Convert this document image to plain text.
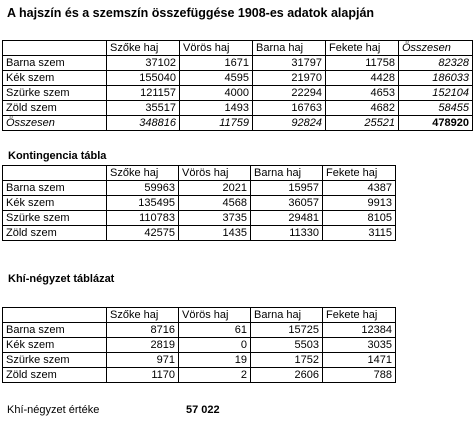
A hajszín és a szemszín összefüggése 1908-es adatok alapján
	Szőke haj	Vörös haj	Barna haj	Fekete haj	Összesen
Barna szem	37102	1671	31797	11758	82328
Kék szem	155040	4595	21970	4428	186033
Szürke szem	121157	4000	22294	4653	152104
Zöld szem	35517	1493	16763	4682	58455
Összesen	348816	11759	92824	25521	478920
Kontingencia tábla
	Szőke haj	Vörös haj	Barna haj	Fekete haj
Barna szem	59963	2021	15957	4387
Kék szem	135495	4568	36057	9913
Szürke szem	110783	3735	29481	8105
Zöld szem	42575	1435	11330	3115
Khí-négyzet táblázat
	Szőke haj	Vörös haj	Barna haj	Fekete haj
Barna szem	8716	61	15725	12384
Kék szem	2819	0	5503	3035
Szürke szem	971	19	1752	1471
Zöld szem	1170	2	2606	788
Khí-négyzet értéke	57 022
